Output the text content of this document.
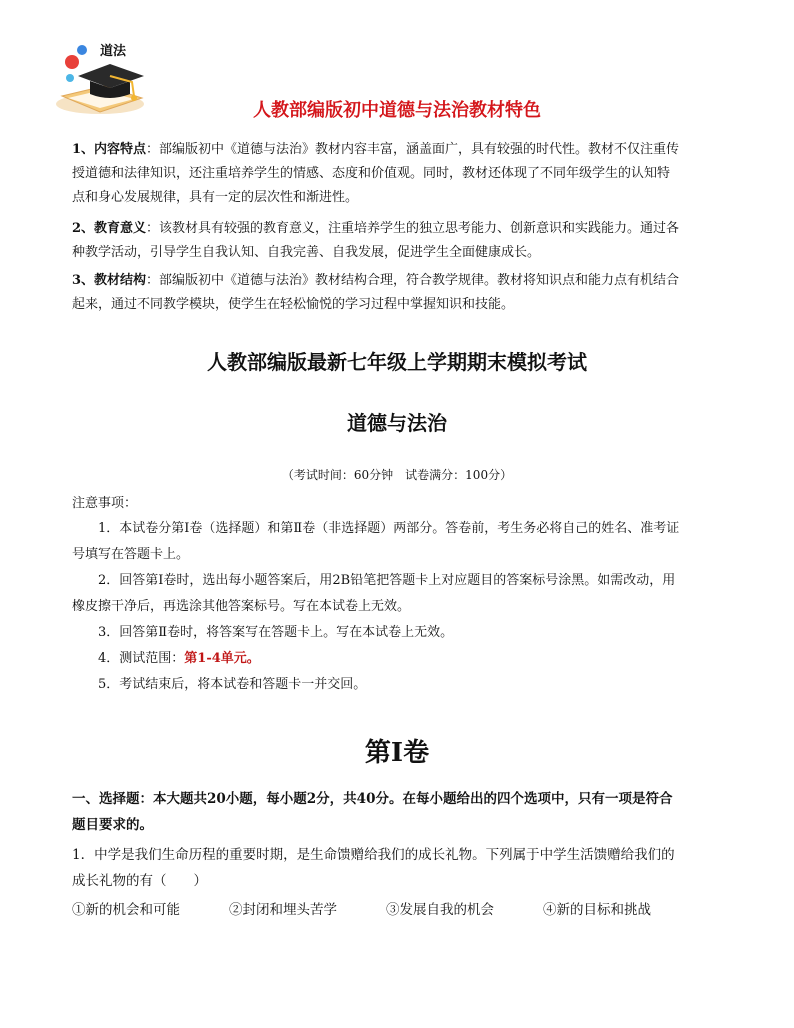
道法
人教部编版初中道德与法治教材特色
1、内容特点：部编版初中《道德与法治》教材内容丰富，涵盖面广，具有较强的时代性。教材不仅注重传授道德和法律知识，还注重培养学生的情感、态度和价值观。同时，教材还体现了不同年级学生的认知特点和身心发展规律，具有一定的层次性和渐进性。
2、教育意义：该教材具有较强的教育意义，注重培养学生的独立思考能力、创新意识和实践能力。通过各种教学活动，引导学生自我认知、自我完善、自我发展，促进学生全面健康成长。
3、教材结构：部编版初中《道德与法治》教材结构合理，符合教学规律。教材将知识点和能力点有机结合起来，通过不同教学模块，使学生在轻松愉悦的学习过程中掌握知识和技能。
人教部编版最新七年级上学期期末模拟考试
道德与法治
（考试时间：60分钟　试卷满分：100分）
注意事项：
1．本试卷分第Ⅰ卷（选择题）和第Ⅱ卷（非选择题）两部分。答卷前，考生务必将自己的姓名、准考证号填写在答题卡上。
2．回答第Ⅰ卷时，选出每小题答案后，用2B铅笔把答题卡上对应题目的答案标号涂黑。如需改动，用橡皮擦干净后，再选涂其他答案标号。写在本试卷上无效。
3．回答第Ⅱ卷时，将答案写在答题卡上。写在本试卷上无效。
4．测试范围：第1-4单元。
5．考试结束后，将本试卷和答题卡一并交回。
第Ⅰ卷
一、选择题：本大题共20小题，每小题2分，共40分。在每小题给出的四个选项中，只有一项是符合题目要求的。
1．中学是我们生命历程的重要时期，是生命馈赠给我们的成长礼物。下列属于中学生活馈赠给我们的成长礼物的有（　　）
①新的机会和可能	②封闭和埋头苦学	③发展自我的机会	④新的目标和挑战
